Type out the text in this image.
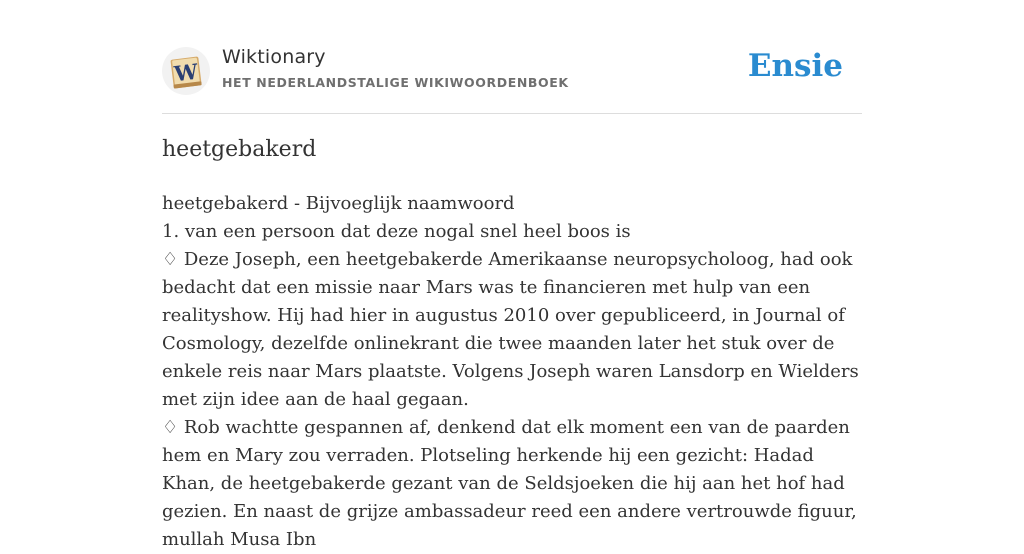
W
Wiktionary
HET NEDERLANDSTALIGE WIKIWOORDENBOEK	Ensie
heetgebakerd

heetgebakerd - Bijvoeglijk naamwoord

1. van een persoon dat deze nogal snel heel boos is

♢ Deze Joseph, een heetgebakerde Amerikaanse neuropsycholoog, had ook bedacht dat een missie naar Mars was te financieren met hulp van een realityshow. Hij had hier in augustus 2010 over gepubliceerd, in Journal of Cosmology, dezelfde onlinekrant die twee maanden later het stuk over de enkele reis naar Mars plaatste. Volgens Joseph waren Lansdorp en Wielders met zijn idee aan de haal gegaan.

♢ Rob wachtte gespannen af, denkend dat elk moment een van de paarden hem en Mary zou verraden. Plotseling herkende hij een gezicht: Hadad Khan, de heetgebakerde gezant van de Seldsjoeken die hij aan het hof had gezien. En naast de grijze ambassadeur reed een andere vertrouwde figuur, mullah Musa Ibn
